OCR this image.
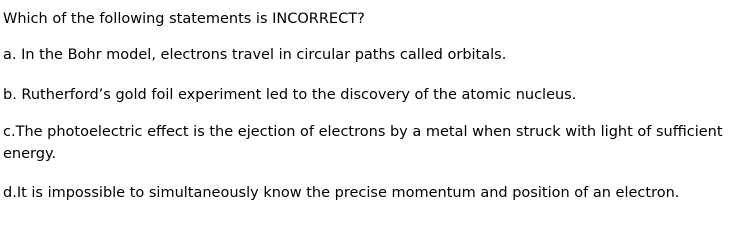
Which of the following statements is INCORRECT?
a. In the Bohr model, electrons travel in circular paths called orbitals.
b. Rutherford’s gold foil experiment led to the discovery of the atomic nucleus.
c.The photoelectric effect is the ejection of electrons by a metal when struck with light of sufficient energy.
d.It is impossible to simultaneously know the precise momentum and position of an electron.
